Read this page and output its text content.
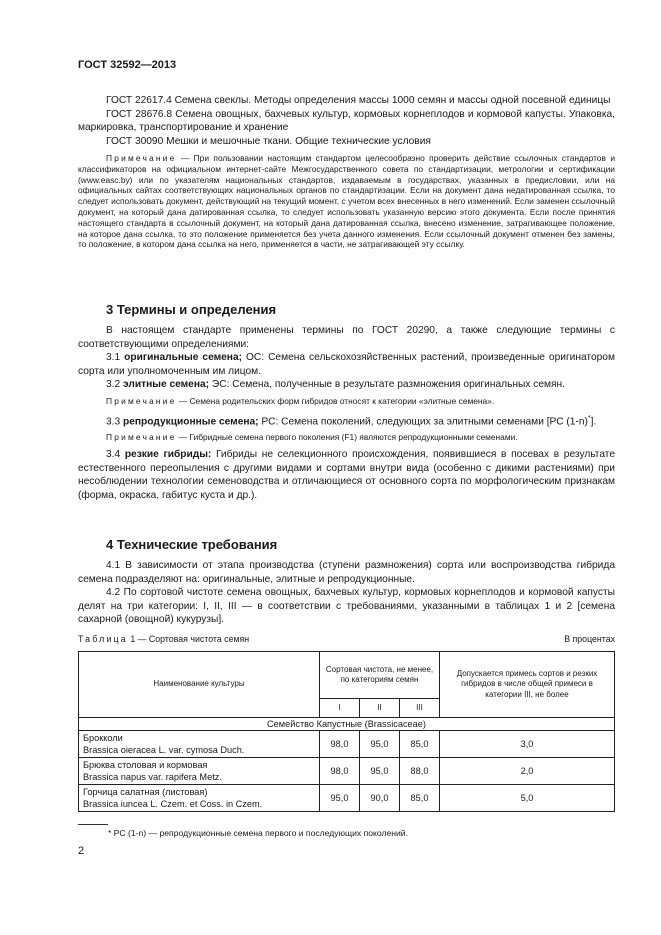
ГОСТ 32592—2013

ГОСТ 22617.4 Семена свеклы. Методы определения массы 1000 семян и массы одной посевной единицы

ГОСТ 28676.8 Семена овощных, бахчевых культур, кормовых корнеплодов и кормовой капусты. Упаковка, маркировка, транспортирование и хранение

ГОСТ 30090 Мешки и мешочные ткани. Общие технические условия

Примечание — При пользовании настоящим стандартом целесообразно проверить действие ссылочных стандартов и классификаторов на официальном интернет-сайте Межгосударственного совета по стандартизации, метрологии и сертификации (www.easc.by) или по указателям национальных стандартов, издаваемым в государствах, указанных в предисловии, или на официальных сайтах соответствующих национальных органов по стандартизации. Если на документ дана недатированная ссылка, то следует использовать документ, действующий на текущий момент, с учетом всех внесенных в него изменений. Если заменен ссылочный документ, на который дана датированная ссылка, то следует использовать указанную версию этого документа. Если после принятия настоящего стандарта в ссылочный документ, на который дана датированная ссылка, внесено изменение, затрагивающее положение, на которое дана ссылка, то это положение применяется без учета данного изменения. Если ссылочный документ отменен без замены, то положение, в котором дана ссылка на него, применяется в части, не затрагивающей эту ссылку.

3 Термины и определения

В настоящем стандарте применены термины по ГОСТ 20290, а также следующие термины с соответствующими определениями:

3.1 оригинальные семена; ОС: Семена сельскохозяйственных растений, произведенные оригинатором сорта или уполномоченным им лицом.

3.2 элитные семена; ЭС: Семена, полученные в результате размножения оригинальных семян.

Примечание — Семена родительских форм гибридов относят к категории «элитные семена».

3.3 репродукционные семена; РС: Семена поколений, следующих за элитными семенами [РС (1-n)*].

Примечание — Гибридные семена первого поколения (F1) являются репродукционными семенами.

3.4 резкие гибриды: Гибриды не селекционного происхождения, появившиеся в посевах в результате естественного переопыления с другими видами и сортами внутри вида (особенно с дикими растениями) при несоблюдении технологии семеноводства и отличающиеся от основного сорта по морфологическим признакам (форма, окраска, габитус куста и др.).

4 Технические требования

4.1 В зависимости от этапа производства (ступени размножения) сорта или воспроизводства гибрида семена подразделяют на: оригинальные, элитные и репродукционные.

4.2 По сортовой чистоте семена овощных, бахчевых культур, кормовых корнеплодов и кормовой капусты делят на три категории: I, II, III — в соответствии с требованиями, указанными в таблицах 1 и 2 [семена сахарной (овощной) кукурузы].

Таблица 1 — Сортовая чистота семян	В процентах
Наименование культуры	Сортовая чистота, не менее, по категориям семян			Допускается примесь сортов и резких гибридов в числе общей примеси в категории III, не более
	I	II	III	
Семейство Капустные (Brassicaceae)				
Брокколи
Brassica oieracea L. var. cymosa Duch.	98,0	95,0	85,0	3,0
Брюква столовая и кормовая
Brassica napus var. rapifera Metz.	98,0	95,0	88,0	2,0
Горчица салатная (листовая)
Brassica iuncea L. Czem. et Coss. in Czem.	95,0	90,0	85,0	5,0
* РС (1-n) — репродукционные семена первого и последующих поколений.
2
